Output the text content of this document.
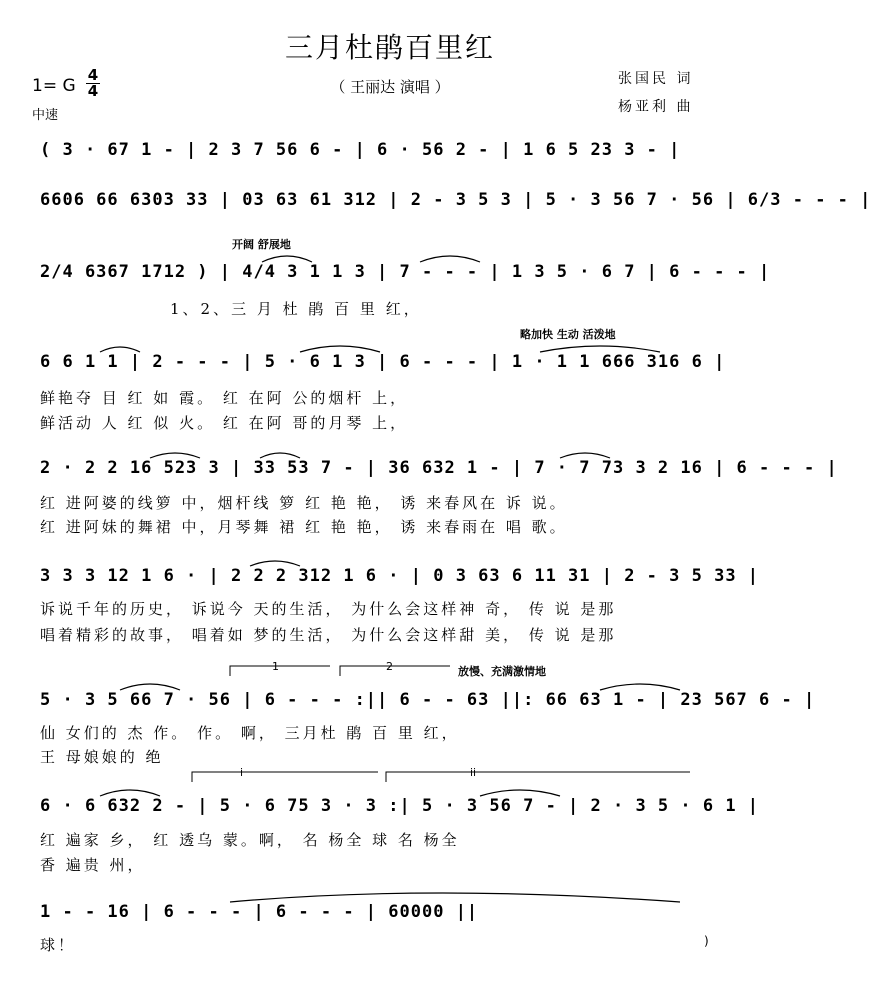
三月杜鹃百里红
（ 王丽达 演唱 ）
1= G
4
4
中速
张国民 词
杨亚利 曲
开阔 舒展地
略加快 生动 活泼地
放慢、充满激情地
( 3 · 67 1 - | 2 3 7 56 6 - | 6 · 56 2 - | 1 6 5 23 3 - |
6606 66 6303 33 | 03 63 61 312 | 2 - 3 5 3 | 5 · 3 56 7 · 56 | 6/3 - - - |
2/4 6367 1712 ) | 4/4 3 1 1 3 | 7 - - - | 1 3 5 · 6 7 | 6 - - - |
1、2、三 月 杜 鹃 百 里 红，
6 6 1 1 | 2 - - - | 5 · 6 1 3 | 6 - - - | 1 · 1 1 666 316 6 |
鲜艳夺 目 红 如 霞。 红 在阿 公的烟杆 上，
鲜活动 人 红 似 火。 红 在阿 哥的月琴 上，
2 · 2 2 16 523 3 | 33 53 7 - | 36 632 1 - | 7 · 7 73 3 2 16 | 6 - - - |
红 进阿婆的线箩 中，烟杆线 箩 红 艳 艳， 诱 来春风在 诉 说。
红 进阿妹的舞裙 中，月琴舞 裙 红 艳 艳， 诱 来春雨在 唱 歌。
3 3 3 12 1 6 · | 2 2 2 312 1 6 · | 0 3 63 6 11 31 | 2 - 3 5 33 |
诉说千年的历史， 诉说今 天的生活， 为什么会这样神 奇， 传 说 是那
唱着精彩的故事， 唱着如 梦的生活， 为什么会这样甜 美， 传 说 是那
1	2
5 · 3 5 66 7 · 56 | 6 - - - :|| 6 - - 63 ||: 66 63 1 - | 23 567 6 - |
仙 女们的 杰 作。 作。 啊， 三月杜 鹃 百 里 红，
王 母娘娘的 绝
i	ii
6 · 6 632 2 - | 5 · 6 75 3 · 3 :| 5 · 3 56 7 - | 2 · 3 5 · 6 1 |
红 遍家 乡， 红 透乌 蒙。啊， 名 杨全 球 名 杨全
香 遍贵 州，
1 - - 16 | 6 - - - | 6 - - - | 60000 ||
球！	)
